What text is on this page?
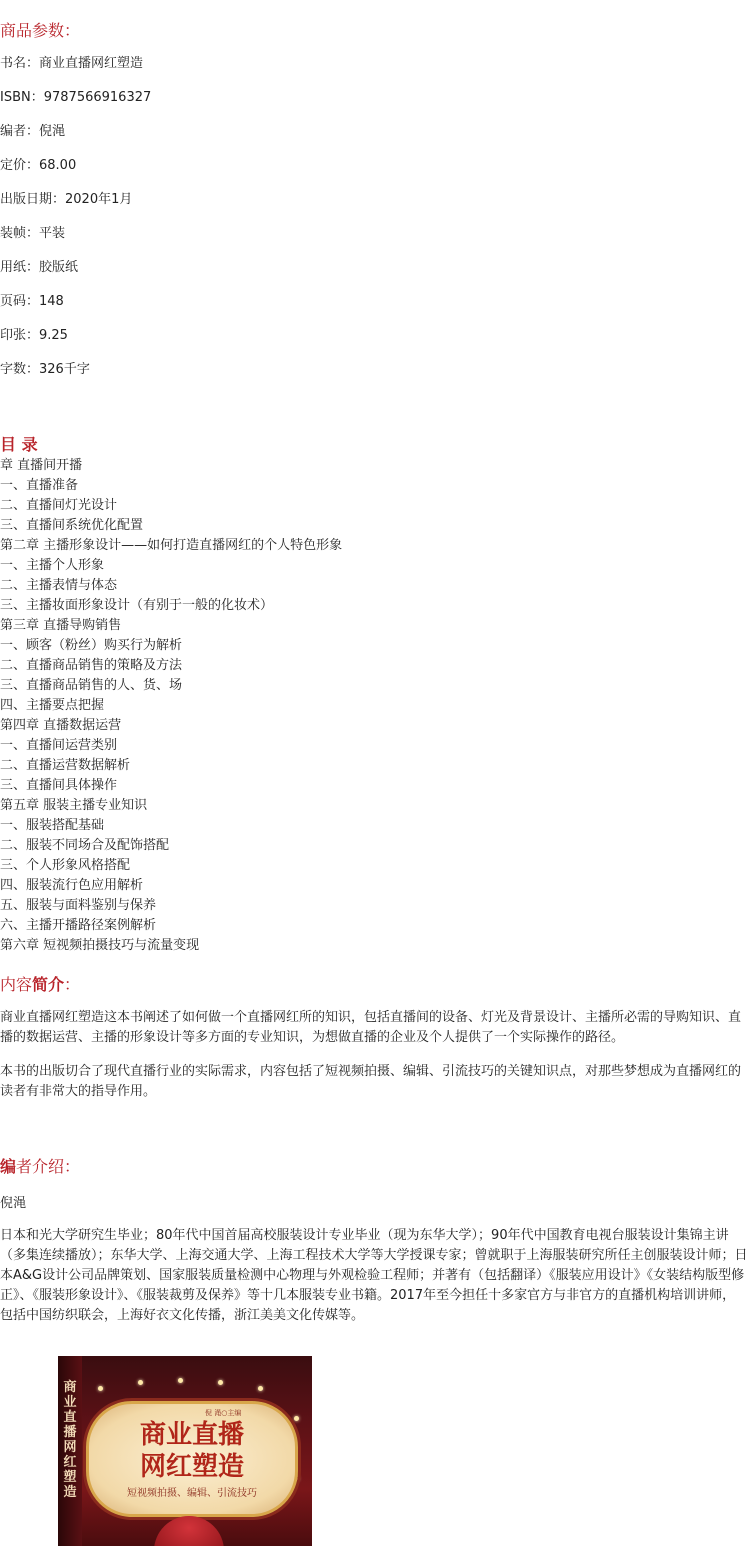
商品参数：
书名：商业直播网红塑造
ISBN：9787566916327
编者：倪渑
定价：68.00
出版日期：2020年1月
装帧：平装
用纸：胶版纸
页码：148
印张：9.25
字数：326千字
目 录
章 直播间开播
一、直播准备
二、直播间灯光设计
三、直播间系统优化配置
第二章 主播形象设计——如何打造直播网红的个人特色形象
一、主播个人形象
二、主播表情与体态
三、主播妆面形象设计（有别于一般的化妆术）
第三章 直播导购销售
一、顾客（粉丝）购买行为解析
二、直播商品销售的策略及方法
三、直播商品销售的人、货、场
四、主播要点把握
第四章 直播数据运营
一、直播间运营类别
二、直播运营数据解析
三、直播间具体操作
第五章 服装主播专业知识
一、服装搭配基础
二、服装不同场合及配饰搭配
三、个人形象风格搭配
四、服装流行色应用解析
五、服装与面料鉴别与保养
六、主播开播路径案例解析
第六章 短视频拍摄技巧与流量变现
内容简介：

商业直播网红塑造这本书阐述了如何做一个直播网红所的知识，包括直播间的设备、灯光及背景设计、主播所必需的导购知识、直播的数据运营、主播的形象设计等多方面的专业知识，为想做直播的企业及个人提供了一个实际操作的路径。

本书的出版切合了现代直播行业的实际需求，内容包括了短视频拍摄、编辑、引流技巧的关键知识点，对那些梦想成为直播网红的读者有非常大的指导作用。

编者介绍：
倪渑

日本和光大学研究生毕业；80年代中国首届高校服装设计专业毕业（现为东华大学）；90年代中国教育电视台服装设计集锦主讲（多集连续播放）；东华大学、上海交通大学、上海工程技术大学等大学授课专家；曾就职于上海服装研究所任主创服装设计师；日本A&G设计公司品牌策划、国家服装质量检测中心物理与外观检验工程师；并著有（包括翻译）《服装应用设计》《女装结构版型修正》、《服装形象设计》、《服装裁剪及保养》等十几本服装专业书籍。2017年至今担任十多家官方与非官方的直播机构培训讲师，包括中国纺织联会，上海好衣文化传播，浙江美美文化传媒等。

商业直播网红塑造
倪 渑○主编
商业直播
网红塑造
短视频拍摄、编辑、引流技巧
